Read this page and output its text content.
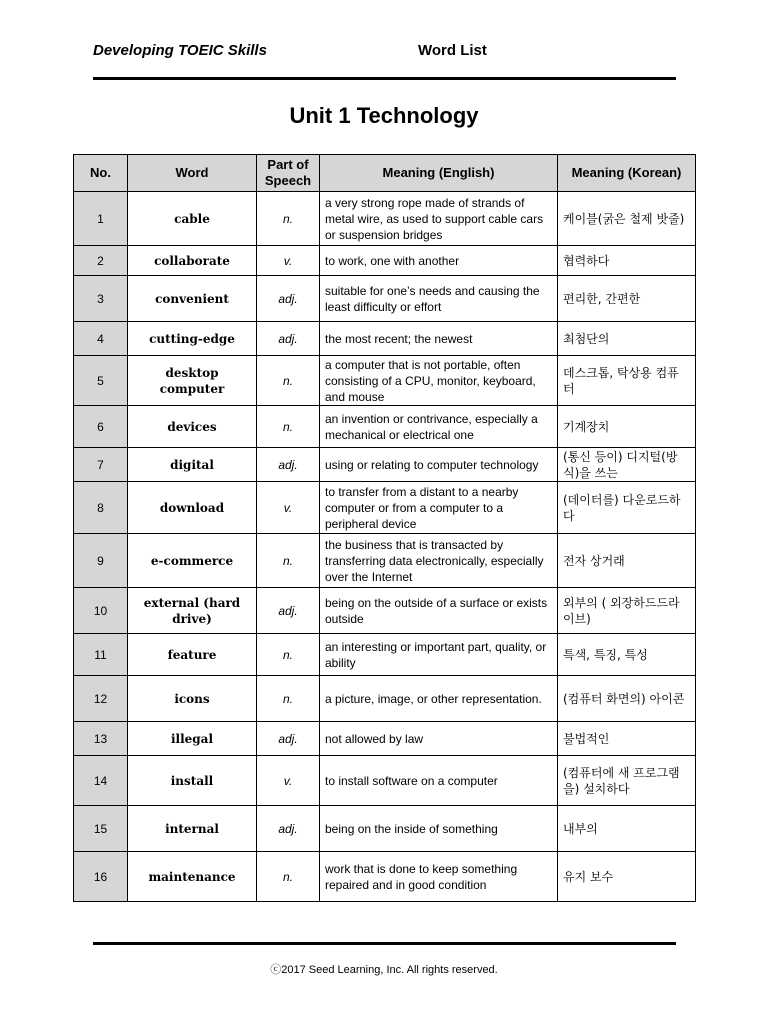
Developing TOEIC Skills	Word List
Unit 1 Technology
No.	Word	Part of Speech	Meaning (English)	Meaning (Korean)
1	cable	n.	a very strong rope made of strands of metal wire, as used to support cable cars or suspension bridges	케이블(굵은 철제 밧줄)
2	collaborate	v.	to work, one with another	협력하다
3	convenient	adj.	suitable for one’s needs and causing the least difficulty or effort	편리한, 간편한
4	cutting-edge	adj.	the most recent; the newest	최첨단의
5	desktop computer	n.	a computer that is not portable, often consisting of a CPU, monitor, keyboard, and mouse	데스크톱, 탁상용 컴퓨터
6	devices	n.	an invention or contrivance, especially a mechanical or electrical one	기계장치
7	digital	adj.	using or relating to computer technology	(통신 등이) 디지털(방식)을 쓰는
8	download	v.	to transfer from a distant to a nearby computer or from a computer to a peripheral device	(데이터를) 다운로드하다
9	e-commerce	n.	the business that is transacted by transferring data electronically, especially over the Internet	전자 상거래
10	external (hard drive)	adj.	being on the outside of a surface or exists outside	외부의 ( 외장하드드라이브)
11	feature	n.	an interesting or important part, quality, or ability	특색, 특징, 특성
12	icons	n.	a picture, image, or other representation.	(컴퓨터 화면의) 아이콘
13	illegal	adj.	not allowed by law	불법적인
14	install	v.	to install software on a computer	(컴퓨터에 새 프로그램을) 설치하다
15	internal	adj.	being on the inside of something	내부의
16	maintenance	n.	work that is done to keep something repaired and in good condition	유지 보수
ⓒ2017 Seed Learning, Inc. All rights reserved.
